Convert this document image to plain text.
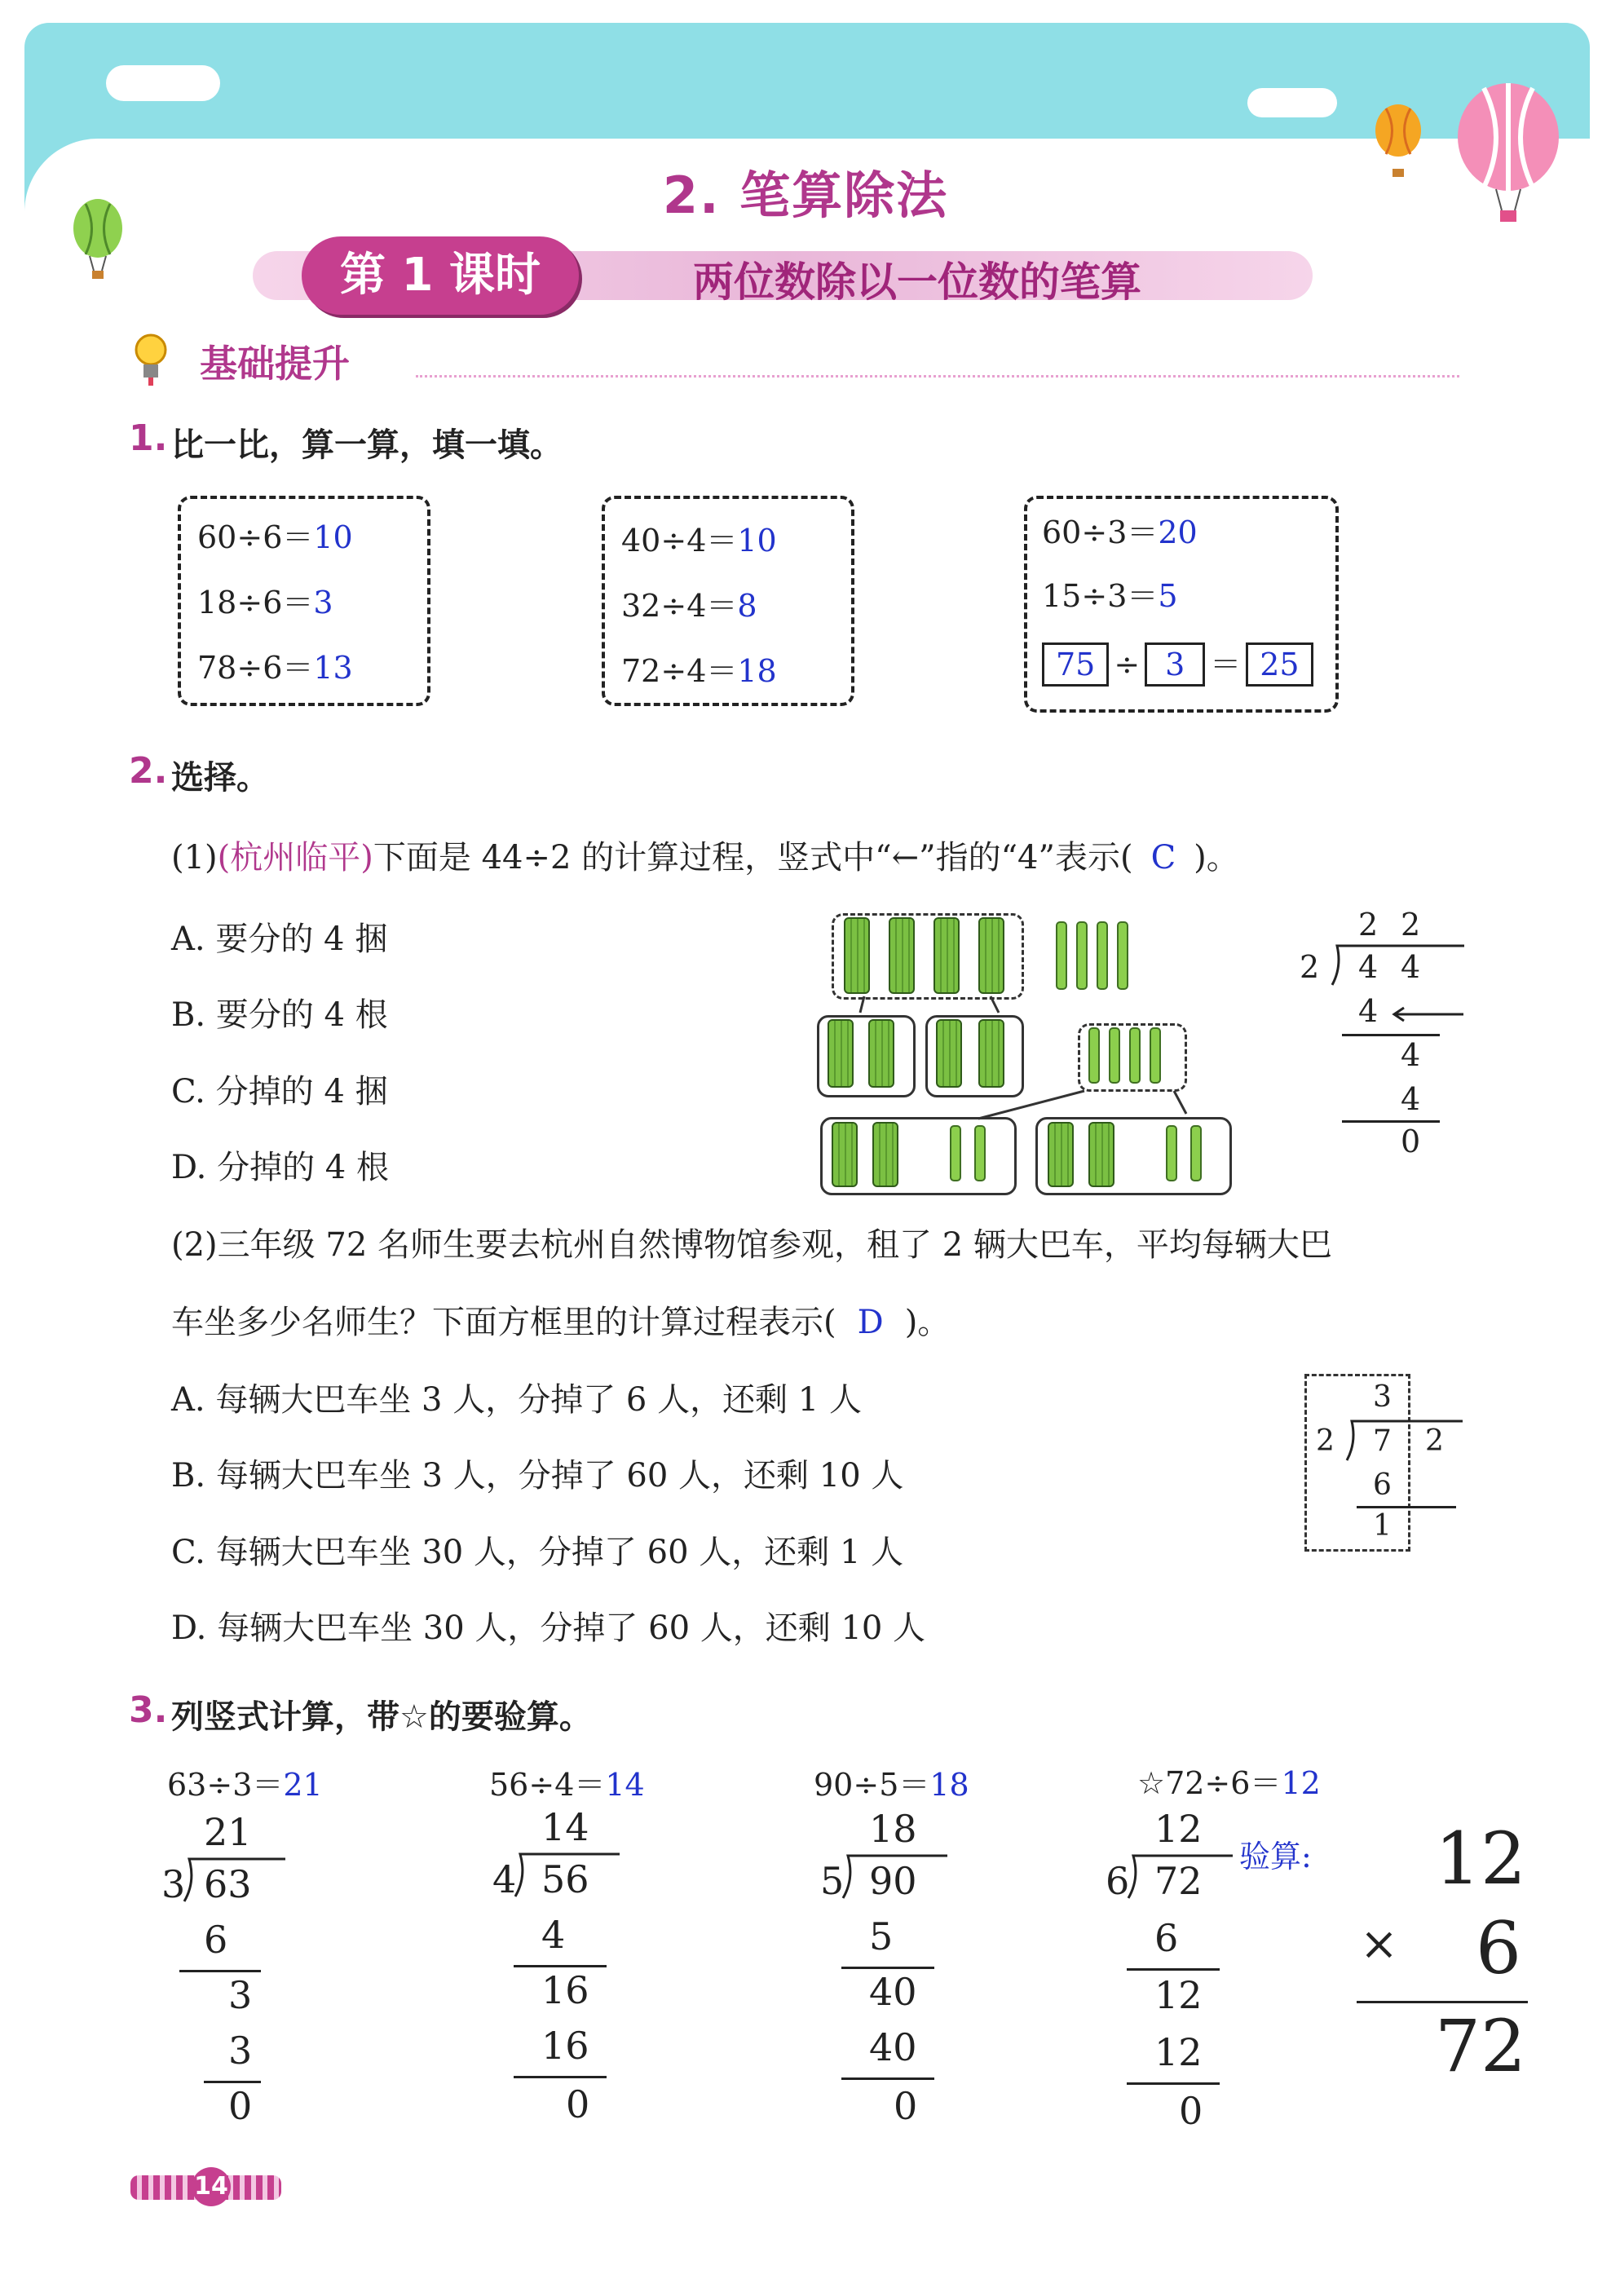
2. 笔算除法
第 1 课时	两位数除以一位数的笔算
基础提升
1. 比一比，算一算，填一填。
60÷6＝10
18÷6＝3
78÷6＝13
40÷4＝10
32÷4＝8
72÷4＝18
60÷3＝20
15÷3＝5
75 ÷ 3 ＝ 25
2. 选择。
(1)(杭州临平)下面是 44÷2 的计算过程，竖式中“←”指的“4”表示( C )。
A. 要分的 4 捆
B. 要分的 4 根
C. 分掉的 4 捆
D. 分掉的 4 根
2 2
2 4 4
4
4
4
0
(2)三年级 72 名师生要去杭州自然博物馆参观，租了 2 辆大巴车，平均每辆大巴
车坐多少名师生？下面方框里的计算过程表示( D )。
A. 每辆大巴车坐 3 人，分掉了 6 人，还剩 1 人
B. 每辆大巴车坐 3 人，分掉了 60 人，还剩 10 人
C. 每辆大巴车坐 30 人，分掉了 60 人，还剩 1 人
D. 每辆大巴车坐 30 人，分掉了 60 人，还剩 10 人
3
2 7 2
6
1
3. 列竖式计算，带☆的要验算。
63÷3＝21
21
3 63
6
3
3
0
56÷4＝14
14
4 56
4
16
16
0
90÷5＝18
18
5 90
5
40
40
0
☆72÷6＝12
12
6 72
6
12
12
0
验算: 12
× 6
72
14
